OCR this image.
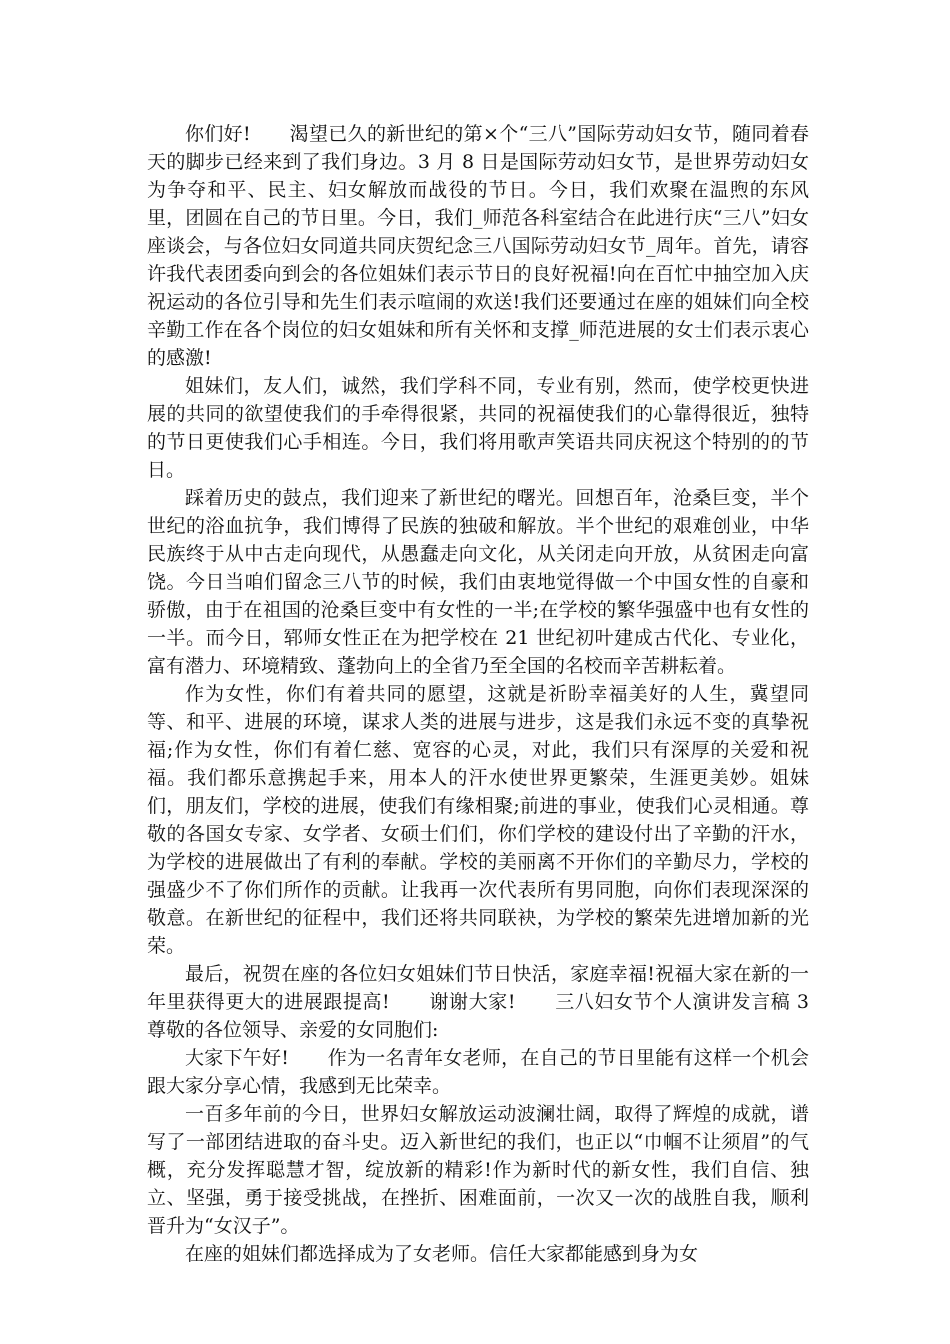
你们好!　　渴望已久的新世纪的第×个“三八”国际劳动妇女节，随同着春天的脚步已经来到了我们身边。3 月 8 日是国际劳动妇女节，是世界劳动妇女为争夺和平、民主、妇女解放而战役的节日。今日，我们欢聚在温煦的东风里，团圆在自己的节日里。今日，我们_师范各科室结合在此进行庆“三八”妇女座谈会，与各位妇女同道共同庆贺纪念三八国际劳动妇女节_周年。首先，请容许我代表团委向到会的各位姐妹们表示节日的良好祝福!向在百忙中抽空加入庆祝运动的各位引导和先生们表示喧闹的欢送!我们还要通过在座的姐妹们向全校辛勤工作在各个岗位的妇女姐妹和所有关怀和支撑_师范进展的女士们表示衷心的感激!

姐妹们，友人们，诚然，我们学科不同，专业有别，然而，使学校更快进展的共同的欲望使我们的手牵得很紧，共同的祝福使我们的心靠得很近，独特的节日更使我们心手相连。今日，我们将用歌声笑语共同庆祝这个特别的的节日。

踩着历史的鼓点，我们迎来了新世纪的曙光。回想百年，沧桑巨变，半个世纪的浴血抗争，我们博得了民族的独破和解放。半个世纪的艰难创业，中华民族终于从中古走向现代，从愚蠢走向文化，从关闭走向开放，从贫困走向富饶。今日当咱们留念三八节的时候，我们由衷地觉得做一个中国女性的自豪和骄傲，由于在祖国的沧桑巨变中有女性的一半;在学校的繁华强盛中也有女性的一半。而今日，郓师女性正在为把学校在 21 世纪初叶建成古代化、专业化，富有潜力、环境精致、蓬勃向上的全省乃至全国的名校而辛苦耕耘着。

作为女性，你们有着共同的愿望，这就是祈盼幸福美好的人生，冀望同等、和平、进展的环境，谋求人类的进展与进步，这是我们永远不变的真挚祝福;作为女性，你们有着仁慈、宽容的心灵，对此，我们只有深厚的关爱和祝福。我们都乐意携起手来，用本人的汗水使世界更繁荣，生涯更美妙。姐妹们，朋友们，学校的进展，使我们有缘相聚;前进的事业，使我们心灵相通。尊敬的各国女专家、女学者、女硕士们们，你们学校的建设付出了辛勤的汗水，为学校的进展做出了有利的奉献。学校的美丽离不开你们的辛勤尽力，学校的强盛少不了你们所作的贡献。让我再一次代表所有男同胞，向你们表现深深的敬意。在新世纪的征程中，我们还将共同联袂，为学校的繁荣先进增加新的光荣。

最后，祝贺在座的各位妇女姐妹们节日快活，家庭幸福!祝福大家在新的一年里获得更大的进展跟提高!　　谢谢大家!　　三八妇女节个人演讲发言稿 3　　尊敬的各位领导、亲爱的女同胞们:

大家下午好!　　作为一名青年女老师，在自己的节日里能有这样一个机会跟大家分享心情，我感到无比荣幸。

一百多年前的今日，世界妇女解放运动波澜壮阔，取得了辉煌的成就，谱写了一部团结进取的奋斗史。迈入新世纪的我们，也正以“巾帼不让须眉”的气概，充分发挥聪慧才智，绽放新的精彩!作为新时代的新女性，我们自信、独立、坚强，勇于接受挑战，在挫折、困难面前，一次又一次的战胜自我，顺利晋升为“女汉子”。

在座的姐妹们都选择成为了女老师。信任大家都能感到身为女
